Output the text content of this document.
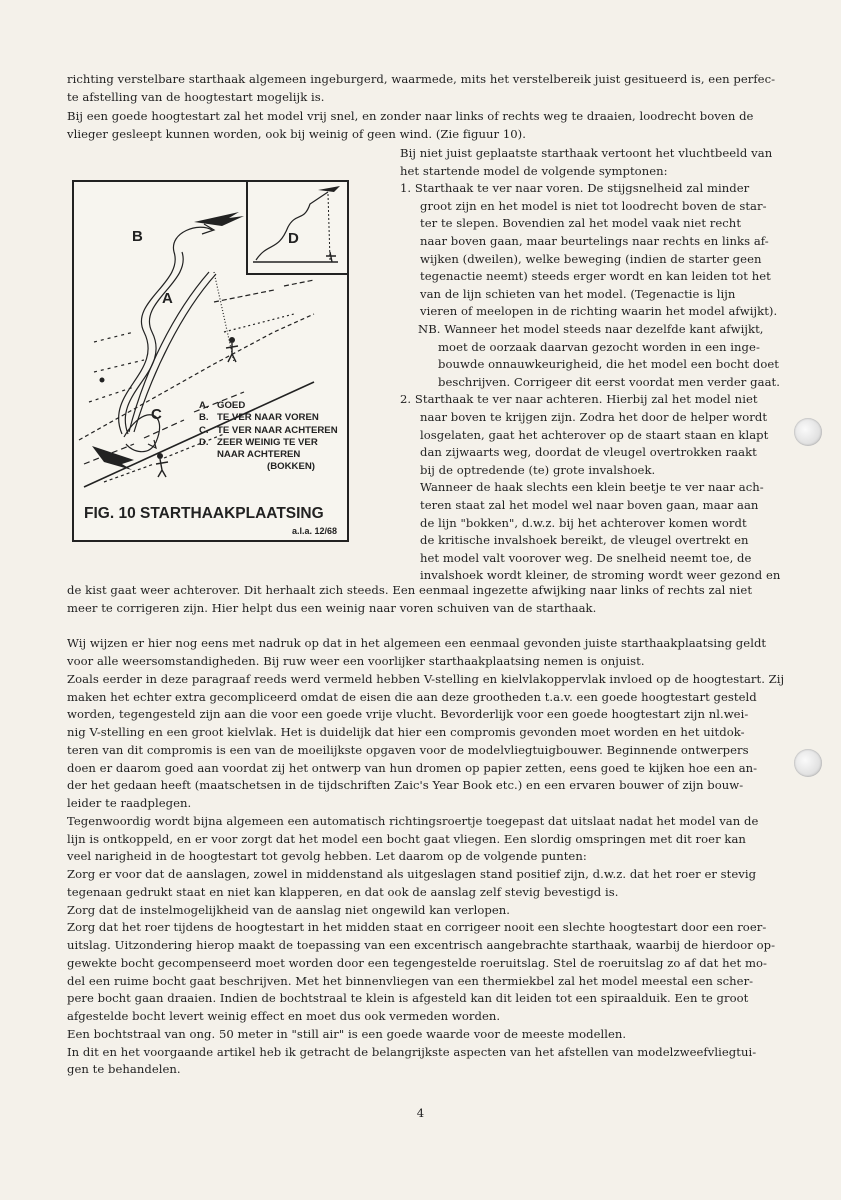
richting verstelbare starthaak algemeen ingeburgerd, waarmede, mits het verstelbereik juist gesitueerd is, een perfec-
te afstelling van de hoogtestart mogelijk is.
Bij een goede hoogtestart zal het model vrij snel, en zonder naar links of rechts weg te draaien, loodrecht boven de
vlieger gesleept kunnen worden, ook bij weinig of geen wind. (Zie figuur 10).
Bij niet juist geplaatste starthaak vertoont het vluchtbeeld van
het startende model de volgende symptonen:
1. Starthaak te ver naar voren. De stijgsnelheid zal minder
groot zijn en het model is niet tot loodrecht boven de star-
ter te slepen. Bovendien zal het model vaak niet recht
naar boven gaan, maar beurtelings naar rechts en links af-
wijken (dweilen), welke beweging (indien de starter geen
tegenactie neemt) steeds erger wordt en kan leiden tot het
van de lijn schieten van het model. (Tegenactie is lijn
vieren of meelopen in de richting waarin het model afwijkt).
NB. Wanneer het model steeds naar dezelfde kant afwijkt,
moet de oorzaak daarvan gezocht worden in een inge-
bouwde onnauwkeurigheid, die het model een bocht doet
beschrijven. Corrigeer dit eerst voordat men verder gaat.
2. Starthaak te ver naar achteren. Hierbij zal het model niet
naar boven te krijgen zijn. Zodra het door de helper wordt
losgelaten, gaat het achterover op de staart staan en klapt
dan zijwaarts weg, doordat de vleugel overtrokken raakt
bij de optredende (te) grote invalshoek.
Wanneer de haak slechts een klein beetje te ver naar ach-
teren staat zal het model wel naar boven gaan, maar aan
de lijn "bokken", d.w.z. bij het achterover komen wordt
de kritische invalshoek bereikt, de vleugel overtrekt en
het model valt voorover weg. De snelheid neemt toe, de
invalshoek wordt kleiner, de stroming wordt weer gezond en
de kist gaat weer achterover. Dit herhaalt zich steeds. Een eenmaal ingezette afwijking naar links of rechts zal niet
meer te corrigeren zijn. Hier helpt dus een weinig naar voren schuiven van de starthaak.
Wij wijzen er hier nog eens met nadruk op dat in het algemeen een eenmaal gevonden juiste starthaakplaatsing geldt
voor alle weersomstandigheden. Bij ruw weer een voorlijker starthaakplaatsing nemen is onjuist.
Zoals eerder in deze paragraaf reeds werd vermeld hebben V-stelling en kielvlakoppervlak invloed op de hoogtestart. Zij
maken het echter extra gecompliceerd omdat de eisen die aan deze grootheden t.a.v. een goede hoogtestart gesteld
worden, tegengesteld zijn aan die voor een goede vrije vlucht. Bevorderlijk voor een goede hoogtestart zijn nl.wei-
nig V-stelling en een groot kielvlak. Het is duidelijk dat hier een compromis gevonden moet worden en het uitdok-
teren van dit compromis is een van de moeilijkste opgaven voor de modelvliegtuigbouwer. Beginnende ontwerpers
doen er daarom goed aan voordat zij het ontwerp van hun dromen op papier zetten, eens goed te kijken hoe een an-
der het gedaan heeft (maatschetsen in de tijdschriften Zaic's Year Book etc.) en een ervaren bouwer of zijn bouw-
leider te raadplegen.
Tegenwoordig wordt bijna algemeen een automatisch richtingsroertje toegepast dat uitslaat nadat het model van de
lijn is ontkoppeld, en er voor zorgt dat het model een bocht gaat vliegen. Een slordig omspringen met dit roer kan
veel narigheid in de hoogtestart tot gevolg hebben. Let daarom op de volgende punten:
Zorg er voor dat de aanslagen, zowel in middenstand als uitgeslagen stand positief zijn, d.w.z. dat het roer er stevig
tegenaan gedrukt staat en niet kan klapperen, en dat ook de aanslag zelf stevig bevestigd is.
Zorg dat de instelmogelijkheid van de aanslag niet ongewild kan verlopen.
Zorg dat het roer tijdens de hoogtestart in het midden staat en corrigeer nooit een slechte hoogtestart door een roer-
uitslag. Uitzondering hierop maakt de toepassing van een excentrisch aangebrachte starthaak, waarbij de hierdoor op-
gewekte bocht gecompenseerd moet worden door een tegengestelde roeruitslag. Stel de roeruitslag zo af dat het mo-
del een ruime bocht gaat beschrijven. Met het binnenvliegen van een thermiekbel zal het model meestal een scher-
pere bocht gaan draaien. Indien de bochtstraal te klein is afgesteld kan dit leiden tot een spiraalduik. Een te groot
afgestelde bocht levert weinig effect en moet dus ook vermeden worden.
Een bochtstraal van ong. 50 meter in "still air" is een goede waarde voor de meeste modellen.
In dit en het voorgaande artikel heb ik getracht de belangrijkste aspecten van het afstellen van modelzweefvliegtui-
gen te behandelen.
D
B
A
C
A. GOED
B. TE VER NAAR VOREN
C. TE VER NAAR ACHTEREN
D. ZEER WEINIG TE VER
NAAR ACHTEREN
(BOKKEN)
FIG. 10 STARTHAAKPLAATSING
a.l.a. 12/68
4
